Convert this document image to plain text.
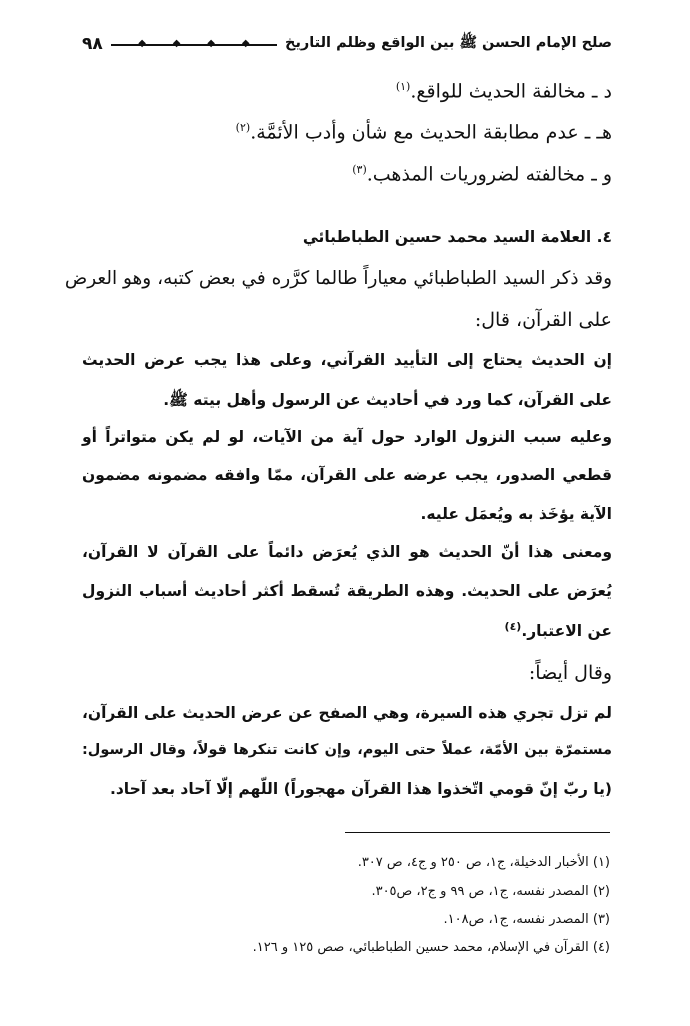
٩٨	◆	◆	◆	◆ صلح الإمام الحسن ﷺ بين الواقع وظلم التاريخ
د ـ مخالفة الحديث للواقع.$^{(١)}$
هـ ـ عدم مطابقة الحديث مع شأن وأدب الأئمَّة.$^{(٢)}$
و ـ مخالفته لضروريات المذهب.$^{(٣)}$
٤. العلامة السيد محمد حسين الطباطبائي
وقد ذكر السيد الطباطبائي معياراً طالما كرَّره في بعض كتبه، وهو العرض
على القرآن، قال:
إن الحديث يحتاج إلى التأييد القرآني، وعلى هذا يجب عرض الحديث
على القرآن، كما ورد في أحاديث عن الرسول وأهل بيته ﷺ.
وعليه سبب النزول الوارد حول آية من الآيات، لو لم يكن متواتراً أو
قطعي الصدور، يجب عرضه على القرآن، ممّا وافقه مضمونه مضمون
الآية يؤخَذ به ويُعمَل عليه.
ومعنى هذا أنّ الحديث هو الذي يُعرَض دائماً على القرآن لا القرآن،
يُعرَض على الحديث. وهذه الطريقة تُسقط أكثر أحاديث أسباب النزول
عن الاعتبار.$^{(٤)}$
وقال أيضاً:
لم تزل تجري هذه السيرة، وهي الصفح عن عرض الحديث على القرآن،
مستمرّة بين الأمّة، عملاً حتى اليوم، وإن كانت تنكرها قولاً، وقال الرسول:
(يا ربّ إنّ قومي اتّخذوا هذا القرآن مهجوراً) اللّهم إلّا آحاد بعد آحاد.
(١) الأخبار الدخيلة، ج١، ص ٢٥٠ و ج٤، ص ٣٠٧.
(٢) المصدر نفسه، ج١، ص ٩٩ و ج٢، ص٣٠٥.
(٣) المصدر نفسه، ج١، ص١٠٨.
(٤) القرآن في الإسلام، محمد حسين الطباطبائي، صص ١٢٥ و ١٢٦.
